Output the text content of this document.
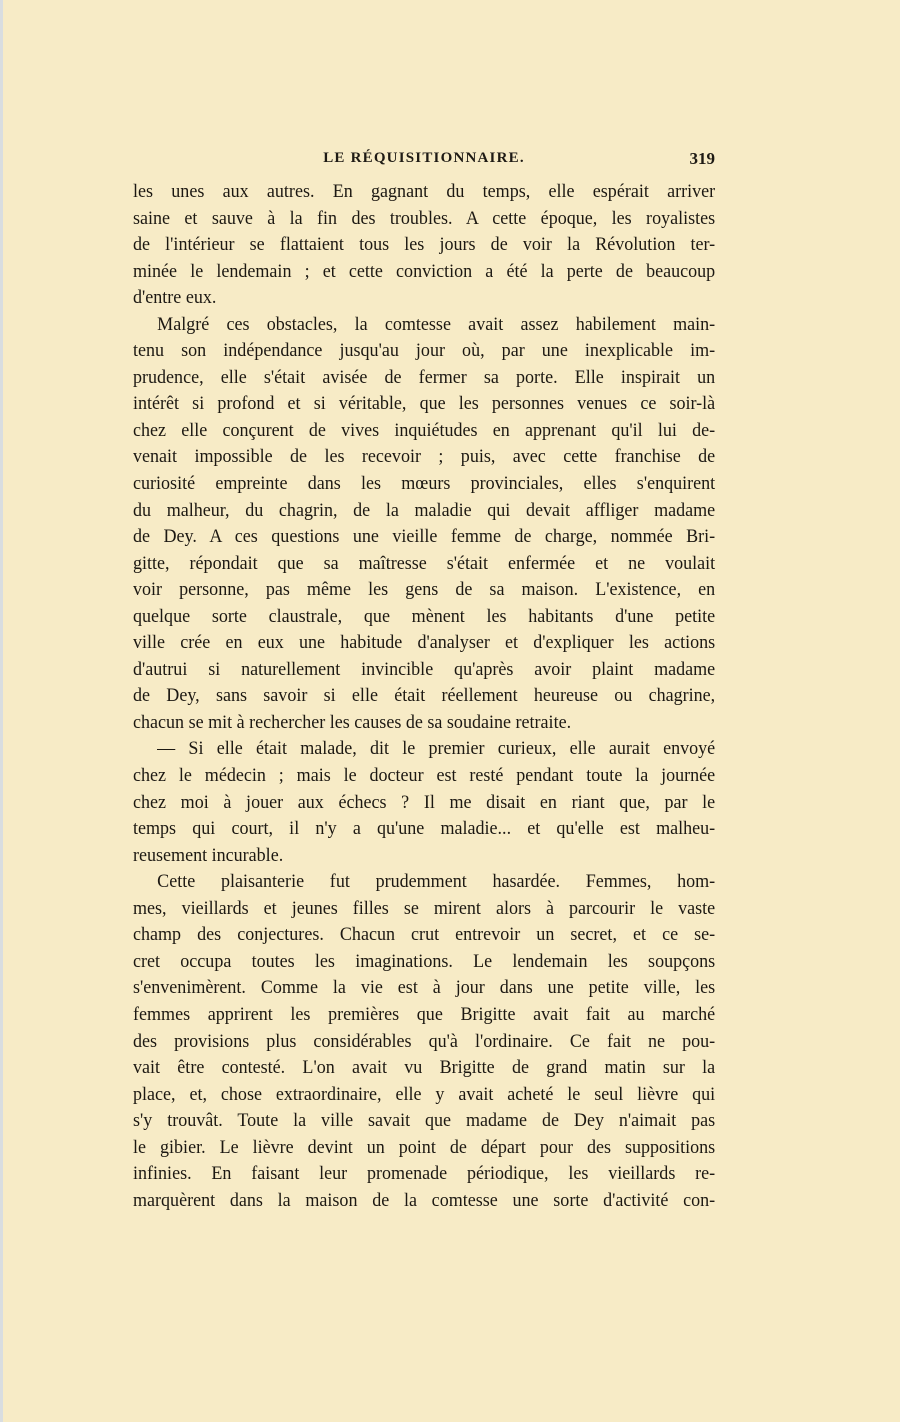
LE RÉQUISITIONNAIRE.	319
les unes aux autres. En gagnant du temps, elle espérait arriver
saine et sauve à la fin des troubles. A cette époque, les royalistes
de l'intérieur se flattaient tous les jours de voir la Révolution ter-
minée le lendemain ; et cette conviction a été la perte de beaucoup
d'entre eux.
Malgré ces obstacles, la comtesse avait assez habilement main-
tenu son indépendance jusqu'au jour où, par une inexplicable im-
prudence, elle s'était avisée de fermer sa porte. Elle inspirait un
intérêt si profond et si véritable, que les personnes venues ce soir-là
chez elle conçurent de vives inquiétudes en apprenant qu'il lui de-
venait impossible de les recevoir ; puis, avec cette franchise de
curiosité empreinte dans les mœurs provinciales, elles s'enquirent
du malheur, du chagrin, de la maladie qui devait affliger madame
de Dey. A ces questions une vieille femme de charge, nommée Bri-
gitte, répondait que sa maîtresse s'était enfermée et ne voulait
voir personne, pas même les gens de sa maison. L'existence, en
quelque sorte claustrale, que mènent les habitants d'une petite
ville crée en eux une habitude d'analyser et d'expliquer les actions
d'autrui si naturellement invincible qu'après avoir plaint madame
de Dey, sans savoir si elle était réellement heureuse ou chagrine,
chacun se mit à rechercher les causes de sa soudaine retraite.
— Si elle était malade, dit le premier curieux, elle aurait envoyé
chez le médecin ; mais le docteur est resté pendant toute la journée
chez moi à jouer aux échecs ? Il me disait en riant que, par le
temps qui court, il n'y a qu'une maladie... et qu'elle est malheu-
reusement incurable.
Cette plaisanterie fut prudemment hasardée. Femmes, hom-
mes, vieillards et jeunes filles se mirent alors à parcourir le vaste
champ des conjectures. Chacun crut entrevoir un secret, et ce se-
cret occupa toutes les imaginations. Le lendemain les soupçons
s'envenimèrent. Comme la vie est à jour dans une petite ville, les
femmes apprirent les premières que Brigitte avait fait au marché
des provisions plus considérables qu'à l'ordinaire. Ce fait ne pou-
vait être contesté. L'on avait vu Brigitte de grand matin sur la
place, et, chose extraordinaire, elle y avait acheté le seul lièvre qui
s'y trouvât. Toute la ville savait que madame de Dey n'aimait pas
le gibier. Le lièvre devint un point de départ pour des suppositions
infinies. En faisant leur promenade périodique, les vieillards re-
marquèrent dans la maison de la comtesse une sorte d'activité con-
